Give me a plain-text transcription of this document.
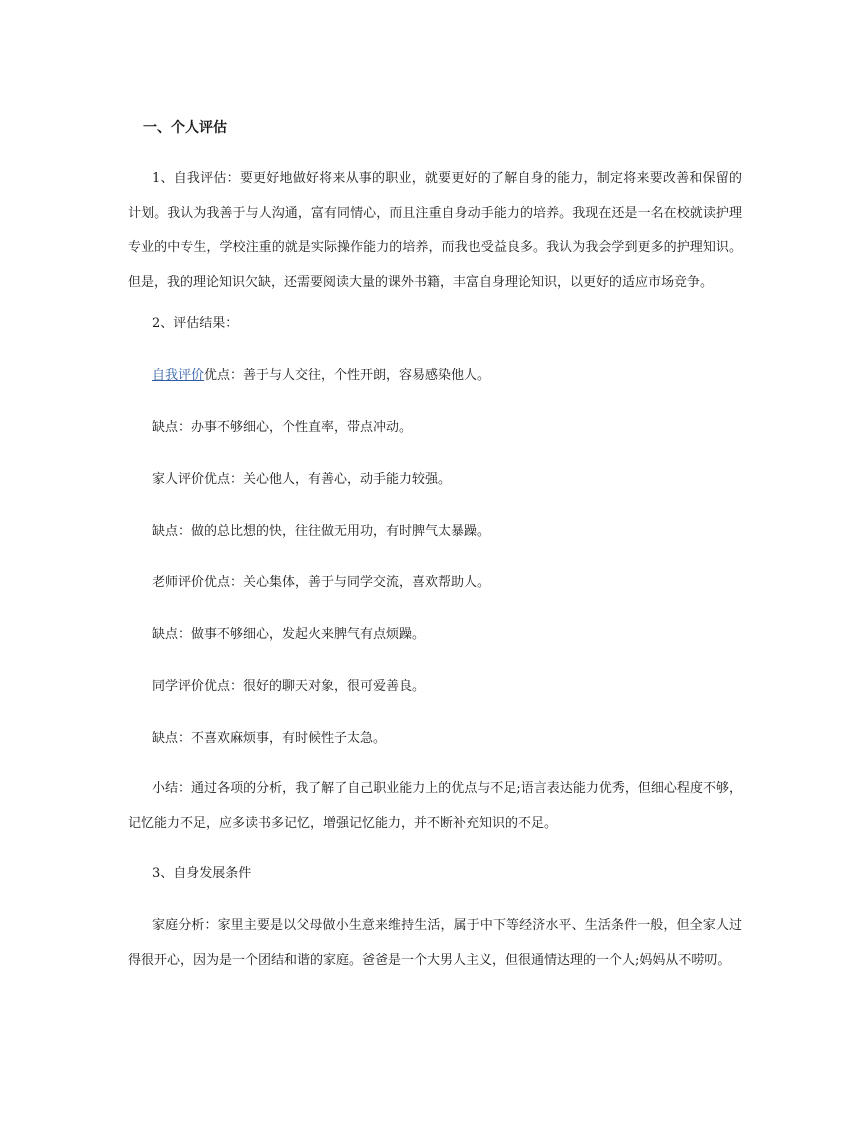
一、个人评估

1、自我评估：要更好地做好将来从事的职业，就要更好的了解自身的能力，制定将来要改善和保留的计划。我认为我善于与人沟通，富有同情心，而且注重自身动手能力的培养。我现在还是一名在校就读护理专业的中专生，学校注重的就是实际操作能力的培养，而我也受益良多。我认为我会学到更多的护理知识。但是，我的理论知识欠缺，还需要阅读大量的课外书籍，丰富自身理论知识，以更好的适应市场竞争。

2、评估结果：
自我评价优点：善于与人交往，个性开朗，容易感染他人。
缺点：办事不够细心，个性直率，带点冲动。
家人评价优点：关心他人，有善心，动手能力较强。
缺点：做的总比想的快，往往做无用功，有时脾气太暴躁。
老师评价优点：关心集体，善于与同学交流，喜欢帮助人。
缺点：做事不够细心，发起火来脾气有点烦躁。
同学评价优点：很好的聊天对象，很可爱善良。
缺点：不喜欢麻烦事，有时候性子太急。

小结：通过各项的分析，我了解了自己职业能力上的优点与不足;语言表达能力优秀，但细心程度不够，记忆能力不足，应多读书多记忆，增强记忆能力，并不断补充知识的不足。

3、自身发展条件

家庭分析：家里主要是以父母做小生意来维持生活，属于中下等经济水平、生活条件一般，但全家人过得很开心，因为是一个团结和谐的家庭。爸爸是一个大男人主义，但很通情达理的一个人;妈妈从不唠叨。
